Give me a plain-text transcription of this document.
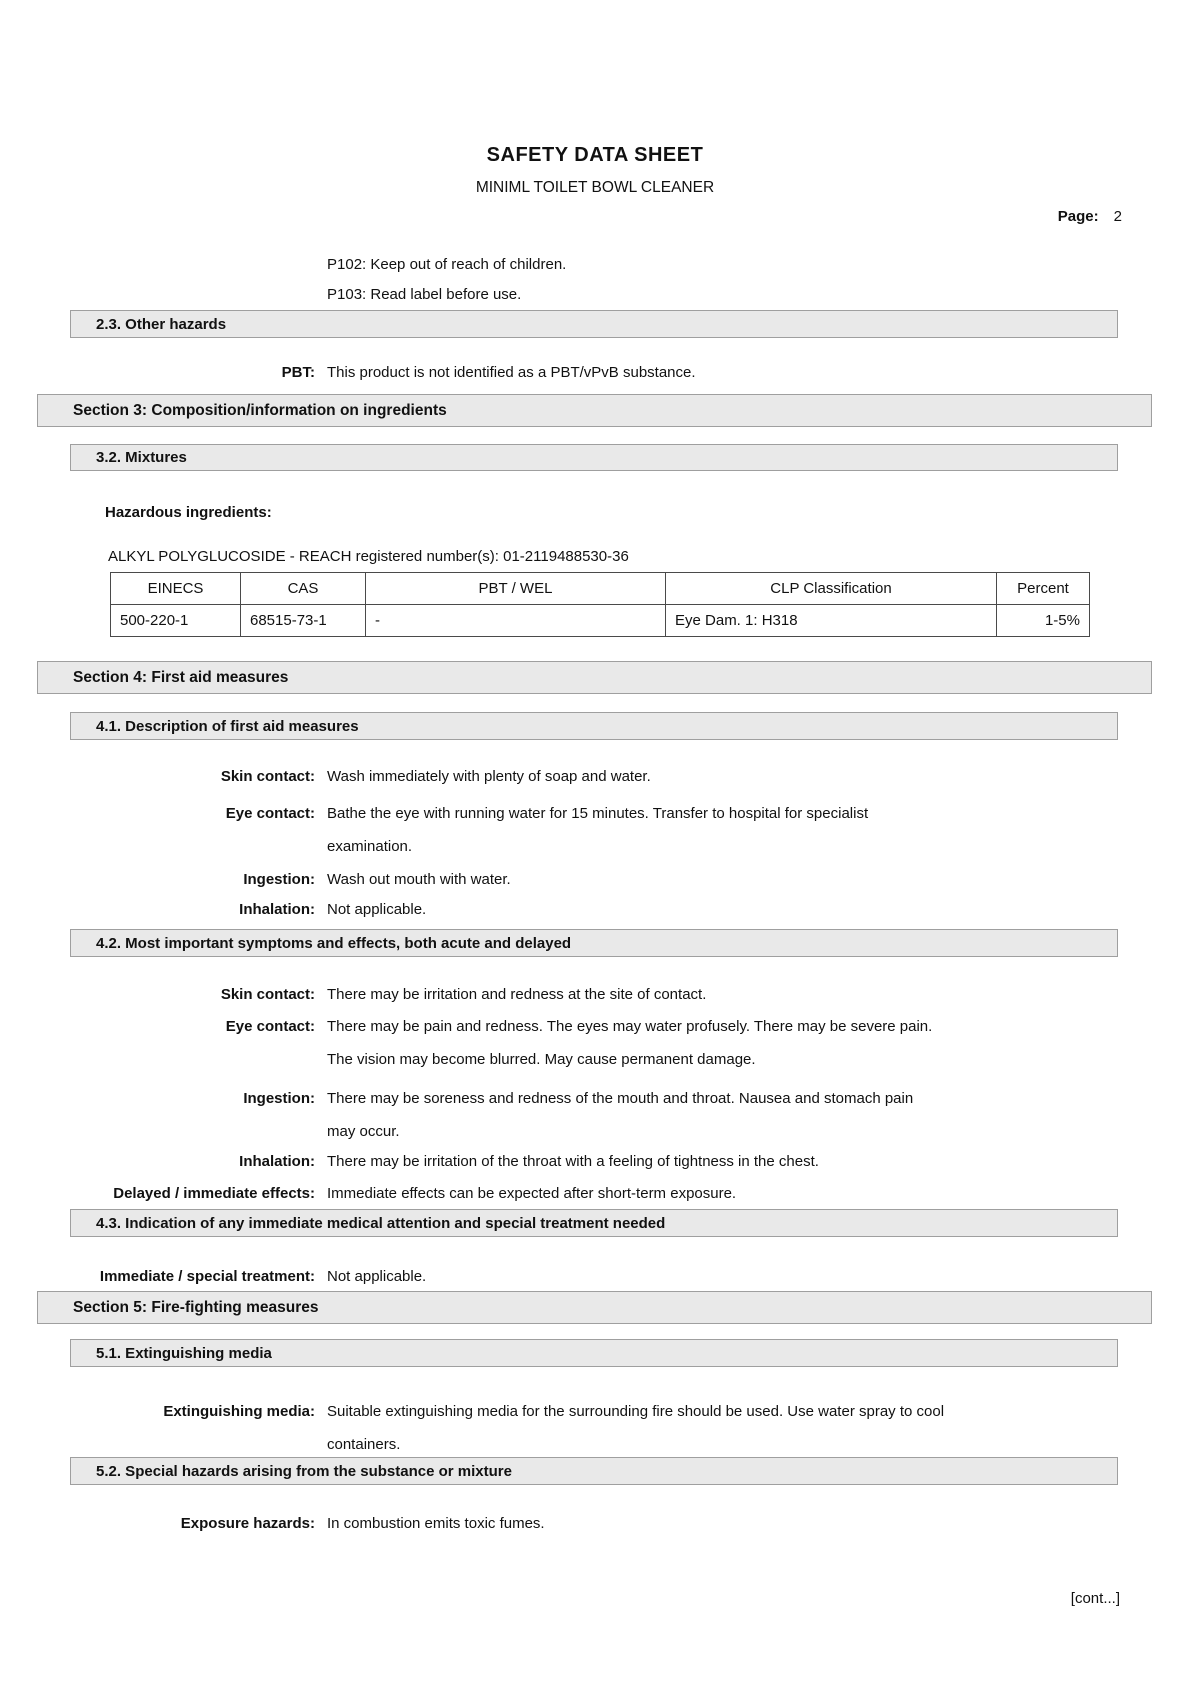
SAFETY DATA SHEET
MINIML TOILET BOWL CLEANER
Page: 2
P102: Keep out of reach of children.
P103: Read label before use.
2.3. Other hazards
PBT: This product is not identified as a PBT/vPvB substance.
Section 3: Composition/information on ingredients
3.2. Mixtures
Hazardous ingredients:
ALKYL POLYGLUCOSIDE - REACH registered number(s): 01-2119488530-36
EINECS	CAS	PBT / WEL	CLP Classification	Percent
500-220-1	68515-73-1	-	Eye Dam. 1: H318	1-5%
Section 4: First aid measures
4.1. Description of first aid measures
Skin contact: Wash immediately with plenty of soap and water.
Eye contact: Bathe the eye with running water for 15 minutes. Transfer to hospital for specialist examination.
Ingestion: Wash out mouth with water.
Inhalation: Not applicable.
4.2. Most important symptoms and effects, both acute and delayed
Skin contact: There may be irritation and redness at the site of contact.
Eye contact: There may be pain and redness. The eyes may water profusely. There may be severe pain. The vision may become blurred. May cause permanent damage.
Ingestion: There may be soreness and redness of the mouth and throat. Nausea and stomach pain may occur.
Inhalation: There may be irritation of the throat with a feeling of tightness in the chest.
Delayed / immediate effects: Immediate effects can be expected after short-term exposure.
4.3. Indication of any immediate medical attention and special treatment needed
Immediate / special treatment: Not applicable.
Section 5: Fire-fighting measures
5.1. Extinguishing media
Extinguishing media: Suitable extinguishing media for the surrounding fire should be used. Use water spray to cool containers.
5.2. Special hazards arising from the substance or mixture
Exposure hazards: In combustion emits toxic fumes.
[cont...]
